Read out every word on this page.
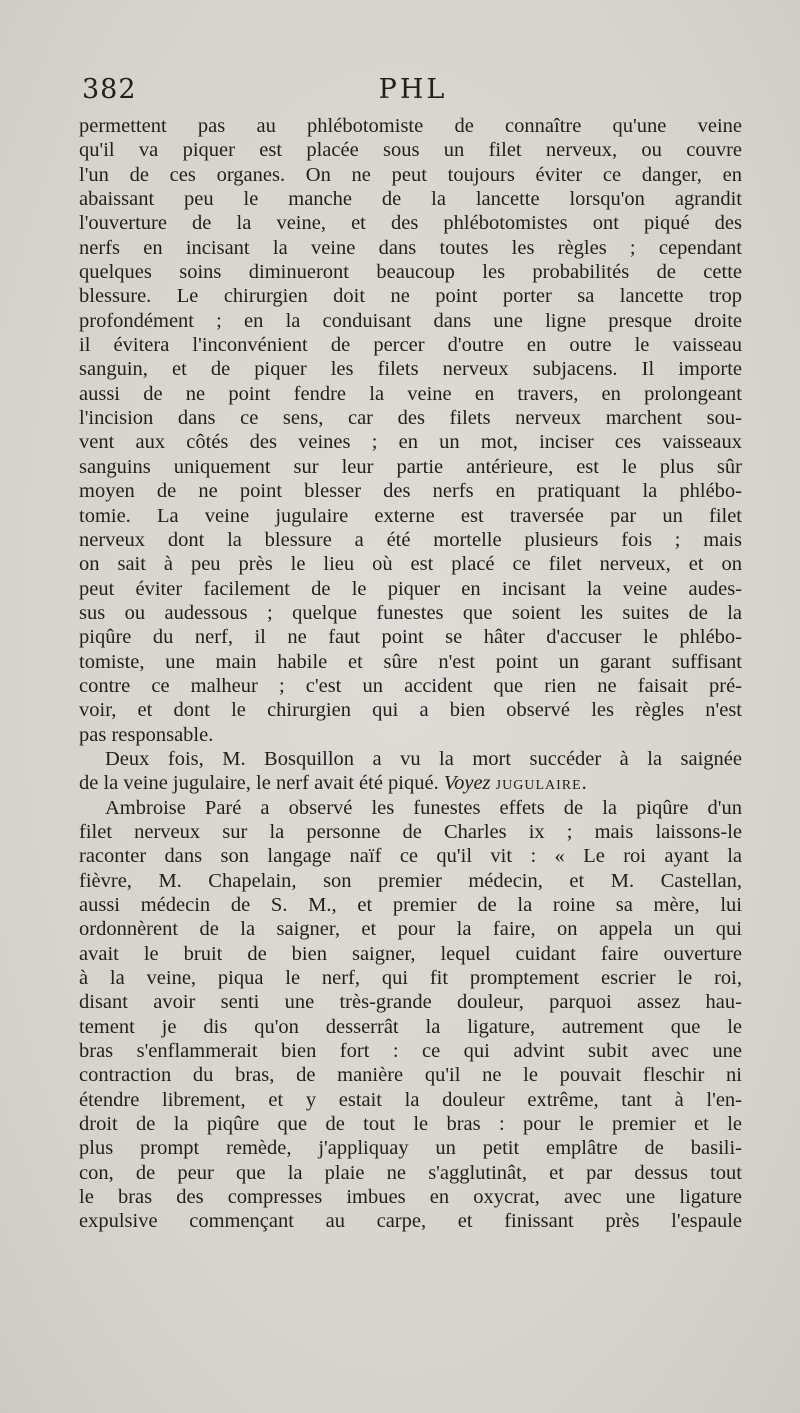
382	PHL
permettent pas au phlébotomiste de connaître qu'une veine
qu'il va piquer est placée sous un filet nerveux, ou couvre
l'un de ces organes. On ne peut toujours éviter ce danger, en
abaissant peu le manche de la lancette lorsqu'on agrandit
l'ouverture de la veine, et des phlébotomistes ont piqué des
nerfs en incisant la veine dans toutes les règles ; cependant
quelques soins diminueront beaucoup les probabilités de cette
blessure. Le chirurgien doit ne point porter sa lancette trop
profondément ; en la conduisant dans une ligne presque droite
il évitera l'inconvénient de percer d'outre en outre le vaisseau
sanguin, et de piquer les filets nerveux subjacens. Il importe
aussi de ne point fendre la veine en travers, en prolongeant
l'incision dans ce sens, car des filets nerveux marchent sou-
vent aux côtés des veines ; en un mot, inciser ces vaisseaux
sanguins uniquement sur leur partie antérieure, est le plus sûr
moyen de ne point blesser des nerfs en pratiquant la phlébo-
tomie. La veine jugulaire externe est traversée par un filet
nerveux dont la blessure a été mortelle plusieurs fois ; mais
on sait à peu près le lieu où est placé ce filet nerveux, et on
peut éviter facilement de le piquer en incisant la veine audes-
sus ou audessous ; quelque funestes que soient les suites de la
piqûre du nerf, il ne faut point se hâter d'accuser le phlébo-
tomiste, une main habile et sûre n'est point un garant suffisant
contre ce malheur ; c'est un accident que rien ne faisait pré-
voir, et dont le chirurgien qui a bien observé les règles n'est
pas responsable.
Deux fois, M. Bosquillon a vu la mort succéder à la saignée
de la veine jugulaire, le nerf avait été piqué. Voyez jugulaire.
Ambroise Paré a observé les funestes effets de la piqûre d'un
filet nerveux sur la personne de Charles ix ; mais laissons-le
raconter dans son langage naïf ce qu'il vit : « Le roi ayant la
fièvre, M. Chapelain, son premier médecin, et M. Castellan,
aussi médecin de S. M., et premier de la roine sa mère, lui
ordonnèrent de la saigner, et pour la faire, on appela un qui
avait le bruit de bien saigner, lequel cuidant faire ouverture
à la veine, piqua le nerf, qui fit promptement escrier le roi,
disant avoir senti une très-grande douleur, parquoi assez hau-
tement je dis qu'on desserrât la ligature, autrement que le
bras s'enflammerait bien fort : ce qui advint subit avec une
contraction du bras, de manière qu'il ne le pouvait fleschir ni
étendre librement, et y estait la douleur extrême, tant à l'en-
droit de la piqûre que de tout le bras : pour le premier et le
plus prompt remède, j'appliquay un petit emplâtre de basili-
con, de peur que la plaie ne s'agglutinât, et par dessus tout
le bras des compresses imbues en oxycrat, avec une ligature
expulsive commençant au carpe, et finissant près l'espaule
